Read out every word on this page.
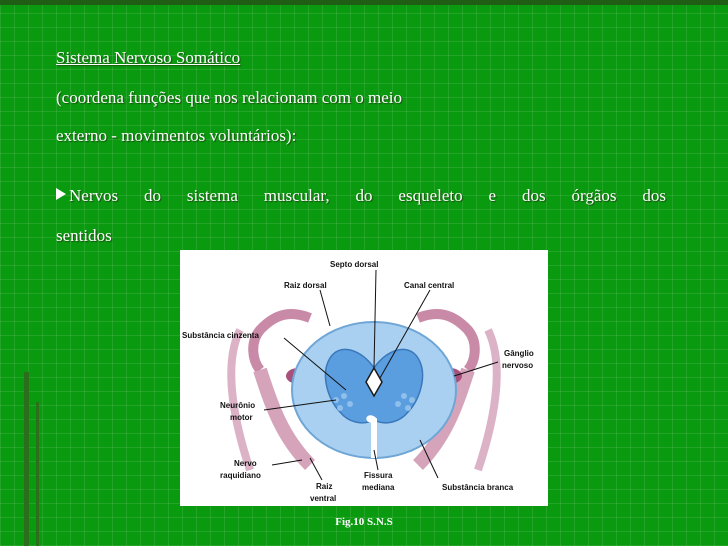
Sistema Nervoso Somático
(coordena funções que nos relacionam com o meio
externo - movimentos voluntários):
Nervos do sistema muscular, do esqueleto e dos órgãos dos
sentidos
Septo dorsal
Raiz dorsal	Canal central
Substância cinzenta
Gânglio
nervoso
Neurônio
motor
Nervo
raquidiano
Raiz
ventral
Fissura
mediana	Substância branca
Fig.10 S.N.S
